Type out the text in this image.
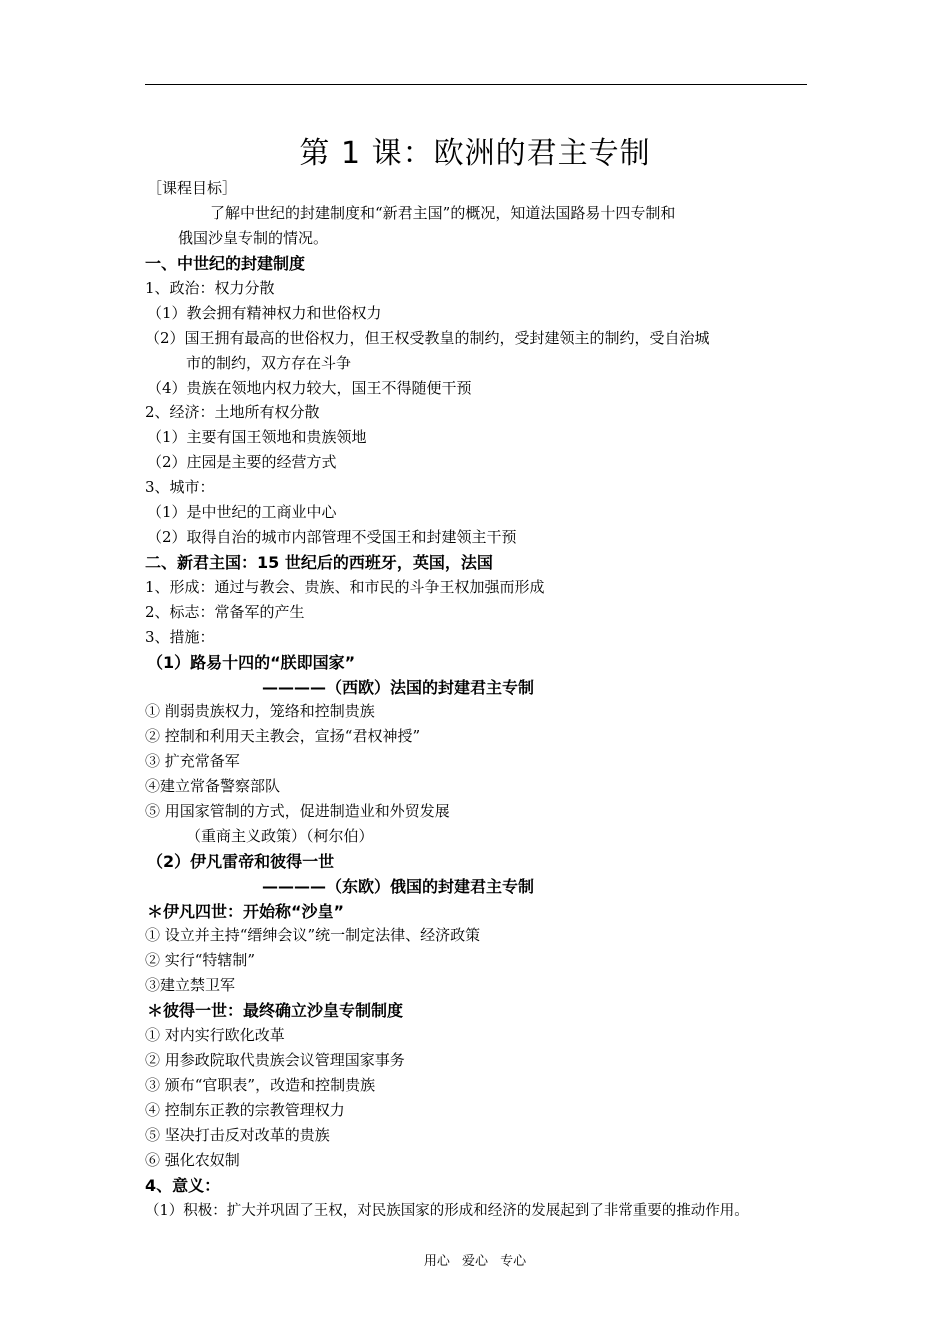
第 1 课：欧洲的君主专制
［课程目标］
了解中世纪的封建制度和“新君主国”的概况，知道法国路易十四专制和
俄国沙皇专制的情况。
一、中世纪的封建制度
1、政治：权力分散
（1）教会拥有精神权力和世俗权力
（2）国王拥有最高的世俗权力，但王权受教皇的制约，受封建领主的制约，受自治城
市的制约，双方存在斗争
（4）贵族在领地内权力较大，国王不得随便干预
2、经济：土地所有权分散
（1）主要有国王领地和贵族领地
（2）庄园是主要的经营方式
3、城市：
（1）是中世纪的工商业中心
（2）取得自治的城市内部管理不受国王和封建领主干预
二、新君主国：15 世纪后的西班牙，英国，法国
1、形成：通过与教会、贵族、和市民的斗争王权加强而形成
2、标志：常备军的产生
3、措施：
（1）路易十四的“朕即国家”
————（西欧）法国的封建君主专制
① 削弱贵族权力，笼络和控制贵族
② 控制和利用天主教会，宣扬“君权神授”
③ 扩充常备军
④建立常备警察部队
⑤ 用国家管制的方式，促进制造业和外贸发展
（重商主义政策）（柯尔伯）
（2）伊凡雷帝和彼得一世
————（东欧）俄国的封建君主专制
＊伊凡四世：开始称“沙皇”
① 设立并主持“缙绅会议”统一制定法律、经济政策
② 实行“特辖制”
③建立禁卫军
＊彼得一世：最终确立沙皇专制制度
① 对内实行欧化改革
② 用参政院取代贵族会议管理国家事务
③ 颁布“官职表”，改造和控制贵族
④ 控制东正教的宗教管理权力
⑤ 坚决打击反对改革的贵族
⑥ 强化农奴制
4、意义：
（1）积极：扩大并巩固了王权，对民族国家的形成和经济的发展起到了非常重要的推动作用。
用心 爱心 专心
